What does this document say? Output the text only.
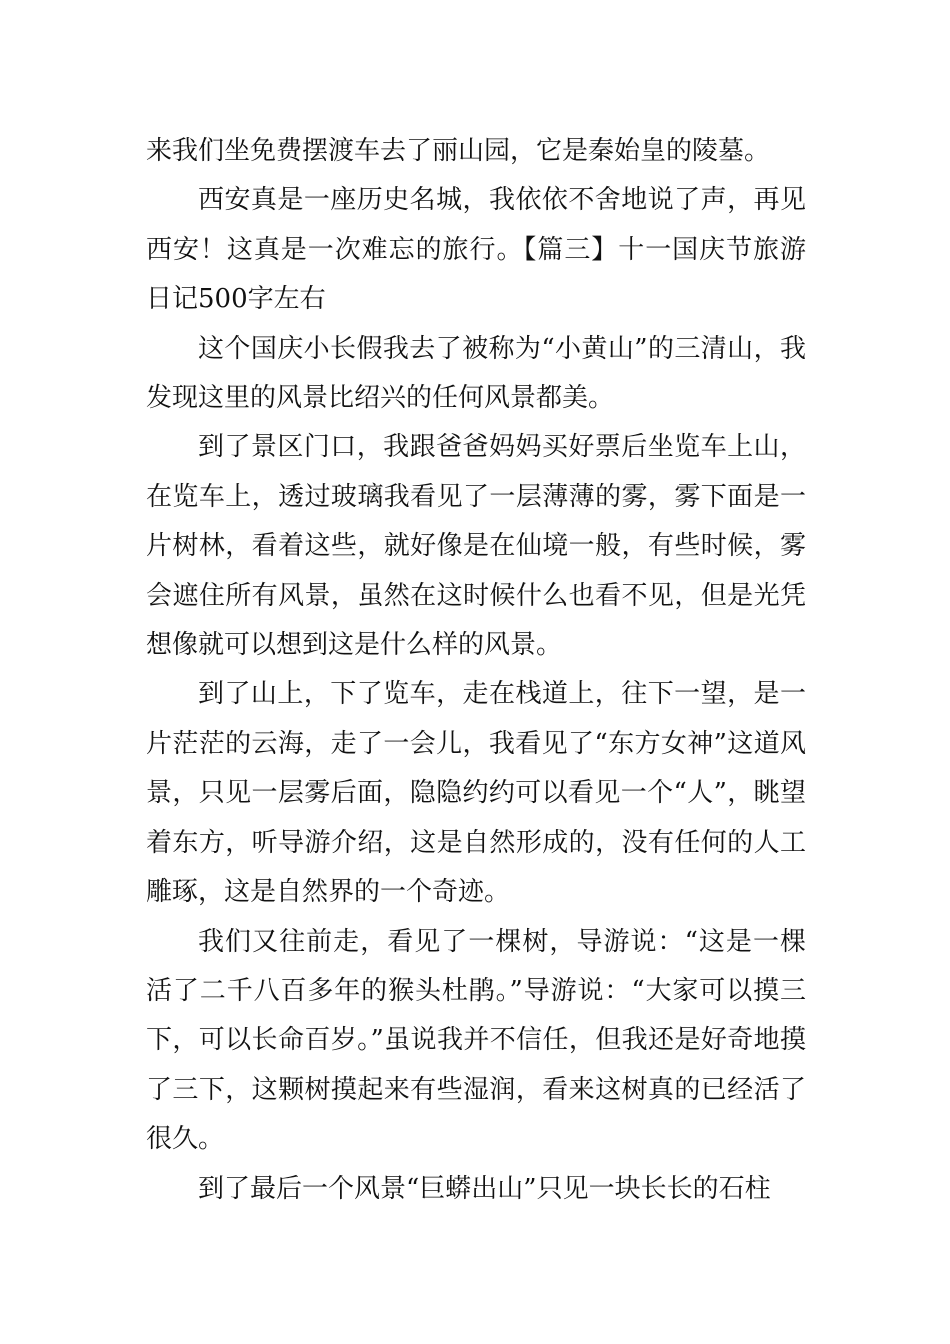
来我们坐免费摆渡车去了丽山园，它是秦始皇的陵墓。

西安真是一座历史名城，我依依不舍地说了声，再见西安！这真是一次难忘的旅行。【篇三】十一国庆节旅游日记500字左右

这个国庆小长假我去了被称为“小黄山”的三清山，我发现这里的风景比绍兴的任何风景都美。

到了景区门口，我跟爸爸妈妈买好票后坐览车上山，在览车上，透过玻璃我看见了一层薄薄的雾，雾下面是一片树林，看着这些，就好像是在仙境一般，有些时候，雾会遮住所有风景，虽然在这时候什么也看不见，但是光凭想像就可以想到这是什么样的风景。

到了山上，下了览车，走在栈道上，往下一望，是一片茫茫的云海，走了一会儿，我看见了“东方女神”这道风景，只见一层雾后面，隐隐约约可以看见一个“人”，眺望着东方，听导游介绍，这是自然形成的，没有任何的人工雕琢，这是自然界的一个奇迹。

我们又往前走，看见了一棵树，导游说：“这是一棵活了二千八百多年的猴头杜鹃。”导游说：“大家可以摸三下，可以长命百岁。”虽说我并不信任，但我还是好奇地摸了三下，这颗树摸起来有些湿润，看来这树真的已经活了很久。

到了最后一个风景“巨蟒出山”只见一块长长的石柱
